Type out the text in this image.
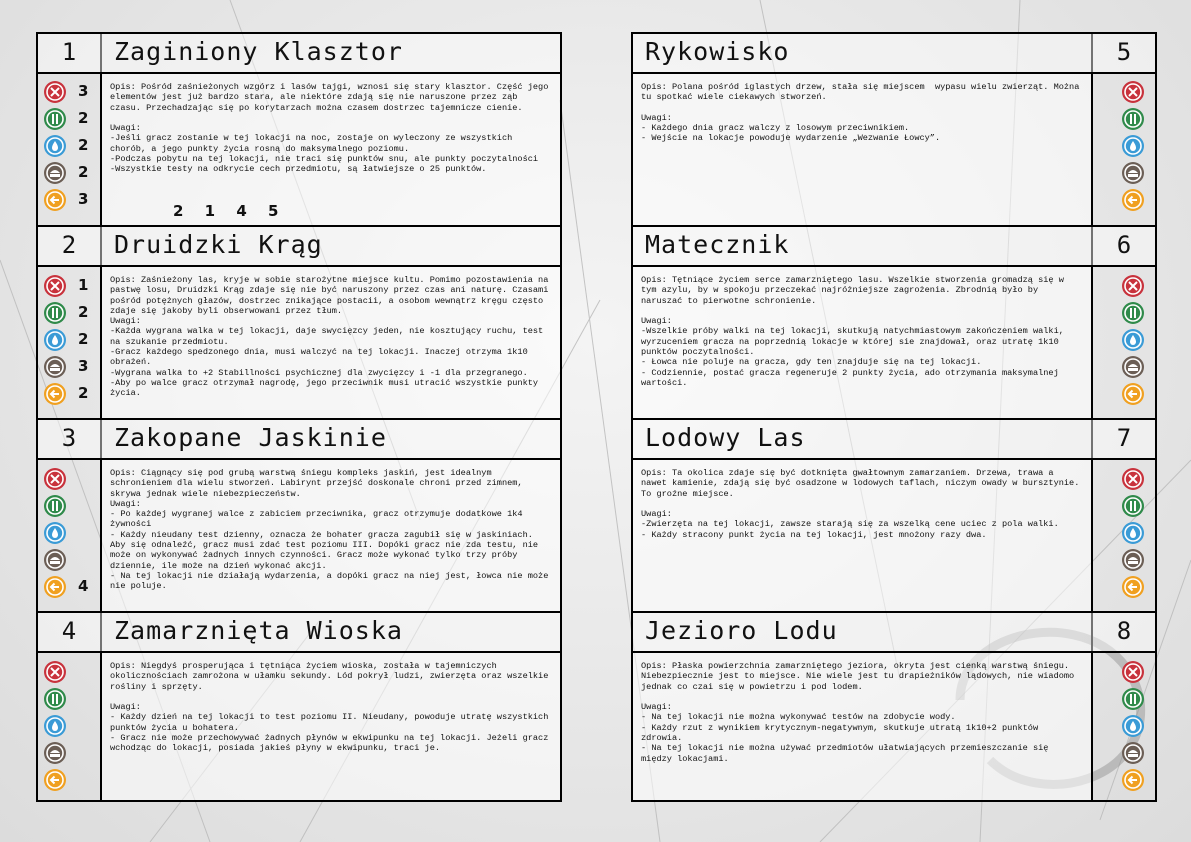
1	Zaginiony Klasztor
3
2
2
2
3
Opis: Pośród zaśnieżonych wzgórz i lasów tajgi, wznosi się stary klasztor. Część jego elementów jest już bardzo stara, ale niektóre zdają się nie naruszone przez ząb czasu. Przechadzając się po korytarzach można czasem dostrzec tajemnicze cienie.

Uwagi:
-Jeśli gracz zostanie w tej lokacji na noc, zostaje on wyleczony ze wszystkich chorób, a jego punkty życia rosną do maksymalnego poziomu.
-Podczas pobytu na tej lokacji, nie traci się punktów snu, ale punkty poczytalności
-Wszystkie testy na odkrycie cech przedmiotu, są łatwiejsze o 25 punktów.
2 1 4 5
2	Druidzki Krąg
1
2
2
3
2
Opis: Zaśnieżony las, kryje w sobie starożytne miejsce kultu. Pomimo pozostawienia na pastwę losu, Druidzki Krąg zdaje się nie być naruszony przez czas ani naturę. Czasami pośród potężnych głazów, dostrzec znikające postacii, a osobom wewnątrz kręgu często zdaje się jakoby byli obserwowani przez tłum.
Uwagi:
-Każda wygrana walka w tej lokacji, daje swycięzcy jeden, nie kosztujący ruchu, test na szukanie przedmiotu.
-Gracz każdego spedzonego dnia, musi walczyć na tej lokacji. Inaczej otrzyma 1k10 obrażeń.
-Wygrana walka to +2 Stabillności psychicznej dla zwycięzcy i -1 dla przegranego.
-Aby po walce gracz otrzymał nagrodę, jego przeciwnik musi utracić wszystkie punkty życia.
3	Zakopane Jaskinie
4
Opis: Ciągnący się pod grubą warstwą śniegu kompleks jaskiń, jest idealnym schronieniem dla wielu stworzeń. Labirynt przejść doskonale chroni przed zimnem, skrywa jednak wiele niebezpieczeństw.
Uwagi:
- Po każdej wygranej walce z zabiciem przeciwnika, gracz otrzymuje dodatkowe 1k4 żywności
- Każdy nieudany test dzienny, oznacza że bohater gracza zagubił się w jaskiniach. Aby się odnaleźć, gracz musi zdać test poziomu III. Dopóki gracz nie zda testu, nie może on wykonywać żadnych innych czynności. Gracz może wykonać tylko trzy próby dziennie, ile może na dzień wykonać akcji.
- Na tej lokacji nie działają wydarzenia, a dopóki gracz na niej jest, łowca nie może nie poluje.
4	Zamarznięta Wioska
Opis: Niegdyś prosperująca i tętniąca życiem wioska, została w tajemniczych okolicznościach zamrożona w ułamku sekundy. Lód pokrył ludzi, zwierzęta oraz wszelkie rośliny i sprzęty.

Uwagi:
- Każdy dzień na tej lokacji to test poziomu II. Nieudany, powoduje utratę wszystkich punktów życia u bohatera.
- Gracz nie może przechowywać żadnych płynów w ekwipunku na tej lokacji. Jeżeli gracz wchodząc do lokacji, posiada jakieś płyny w ekwipunku, traci je.
Rykowisko	5
Opis: Polana pośród iglastych drzew, stała się miejscem  wypasu wielu zwierząt. Można tu spotkać wiele ciekawych stworzeń.

Uwagi:
- Każdego dnia gracz walczy z losowym przeciwnikiem.
- Wejście na lokacje powoduje wydarzenie „Wezwanie Łowcy”.
Matecznik	6
Opis: Tętniące życiem serce zamarzniętego lasu. Wszelkie stworzenia gromadzą się w tym azylu, by w spokoju przeczekać najróżniejsze zagrożenia. Zbrodnią było by naruszać to pierwotne schronienie.

Uwagi:
-Wszelkie próby walki na tej lokacji, skutkują natychmiastowym zakończeniem walki, wyrzuceniem gracza na poprzednią lokacje w której sie znajdował, oraz utratę 1k10 punktów poczytalności.
- Łowca nie poluje na gracza, gdy ten znajduje się na tej lokacji.
- Codziennie, postać gracza regeneruje 2 punkty życia, ado otrzymania maksymalnej wartości.
Lodowy Las	7
Opis: Ta okolica zdaje się być dotknięta gwałtownym zamarzaniem. Drzewa, trawa a nawet kamienie, zdają się być osadzone w lodowych taflach, niczym owady w bursztynie. To groźne miejsce.

Uwagi:
-Zwierzęta na tej lokacji, zawsze starają się za wszelką cene uciec z pola walki.
- Każdy stracony punkt życia na tej lokacji, jest mnożony razy dwa.
Jezioro Lodu	8
Opis: Płaska powierzchnia zamarzniętego jeziora, okryta jest cienką warstwą śniegu. Niebezpiecznie jest to miejsce. Nie wiele jest tu drapieżników lądowych, nie wiadomo jednak co czai się w powietrzu i pod lodem.

Uwagi:
- Na tej lokacji nie można wykonywać testów na zdobycie wody.
- Każdy rzut z wynikiem krytycznym-negatywnym, skutkuje utratą 1k10+2 punktów zdrowia.
- Na tej lokacji nie można używać przedmiotów ułatwiających przemieszczanie się między lokacjami.
